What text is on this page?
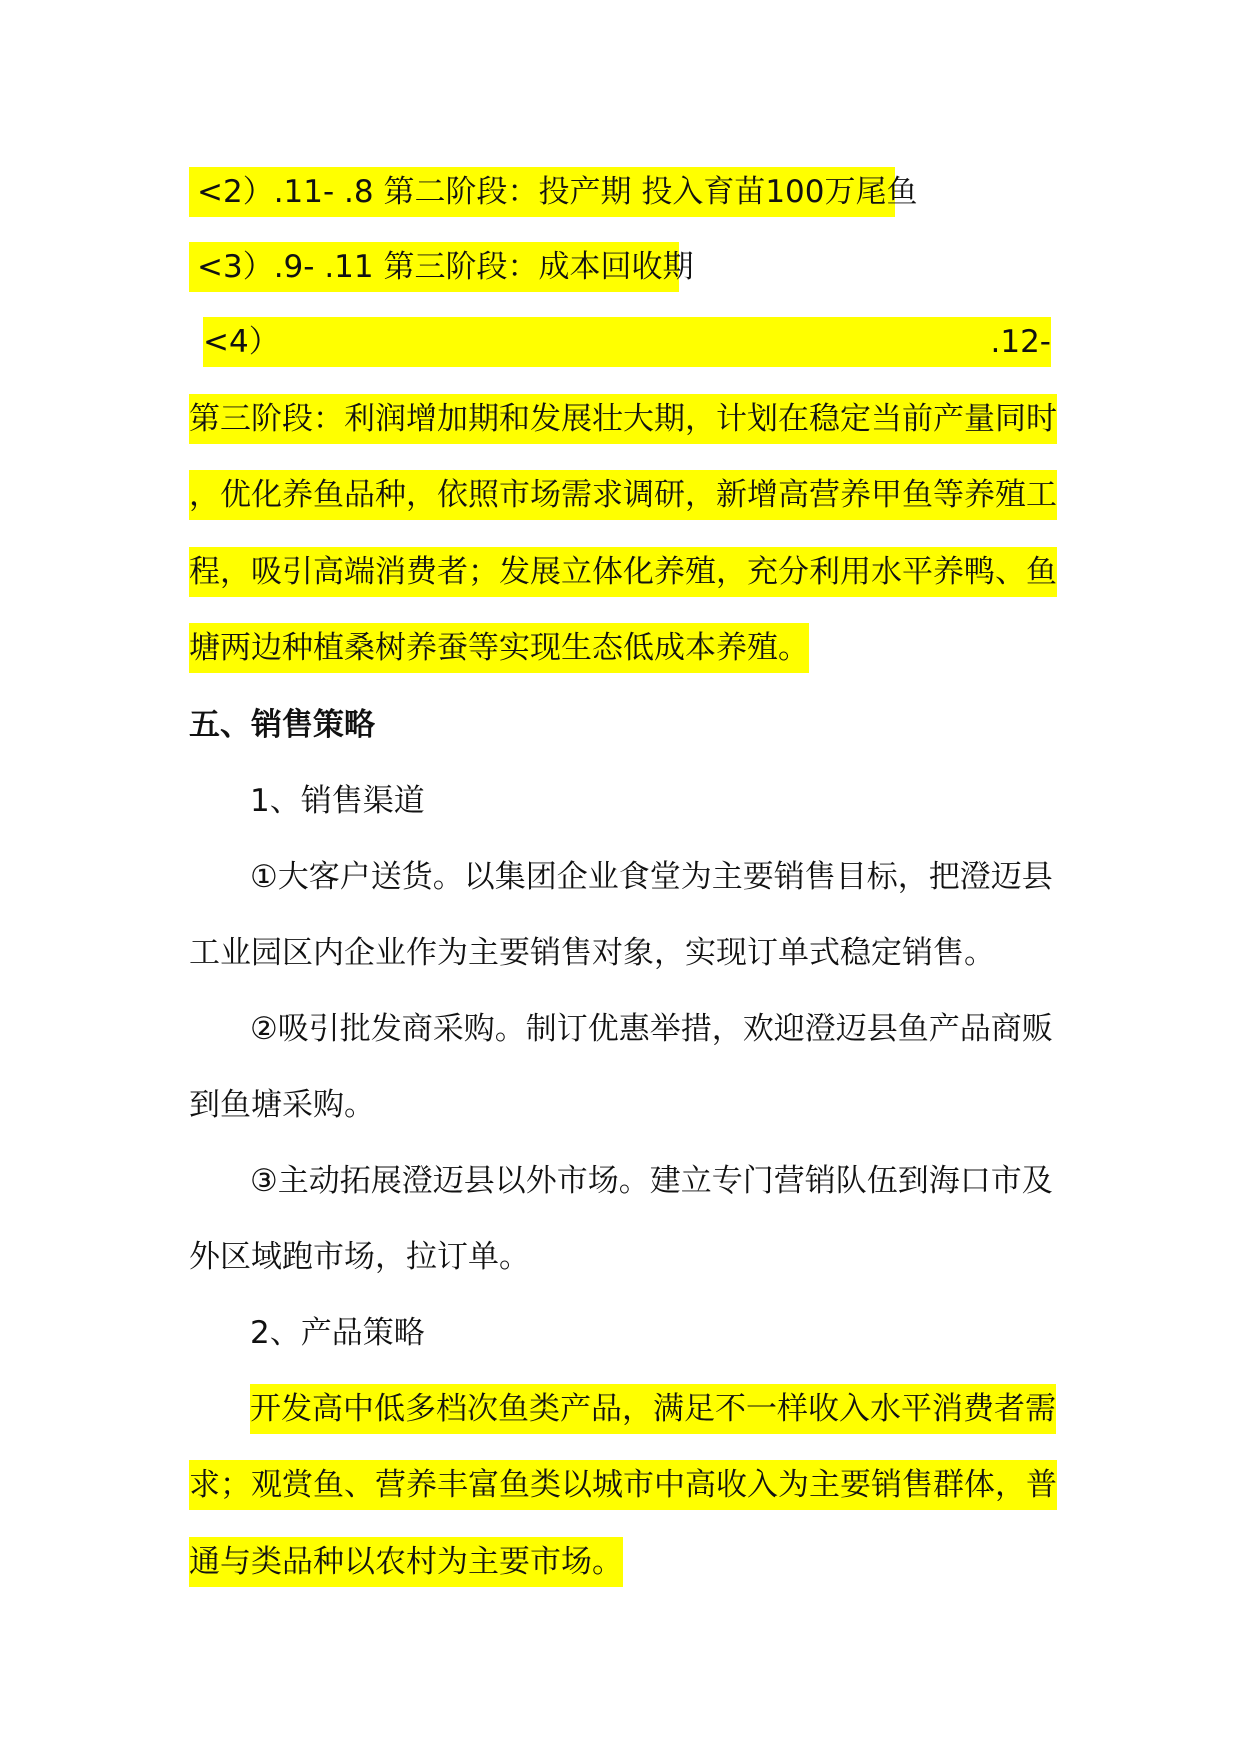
<2）.11- .8 第二阶段：投产期 投入育苗100万尾鱼
<3）.9- .11 第三阶段：成本回收期
<4）	.12-
第三阶段：利润增加期和发展壮大期，计划在稳定当前产量同时
，优化养鱼品种，依照市场需求调研，新增高营养甲鱼等养殖工
程，吸引高端消费者；发展立体化养殖，充分利用水平养鸭、鱼
塘两边种植桑树养蚕等实现生态低成本养殖。
五、销售策略
1、销售渠道
①大客户送货。以集团企业食堂为主要销售目标，把澄迈县
工业园区内企业作为主要销售对象，实现订单式稳定销售。
②吸引批发商采购。制订优惠举措，欢迎澄迈县鱼产品商贩
到鱼塘采购。
③主动拓展澄迈县以外市场。建立专门营销队伍到海口市及
外区域跑市场，拉订单。
2、产品策略
开发高中低多档次鱼类产品，满足不一样收入水平消费者需
求；观赏鱼、营养丰富鱼类以城市中高收入为主要销售群体，普
通与类品种以农村为主要市场。
